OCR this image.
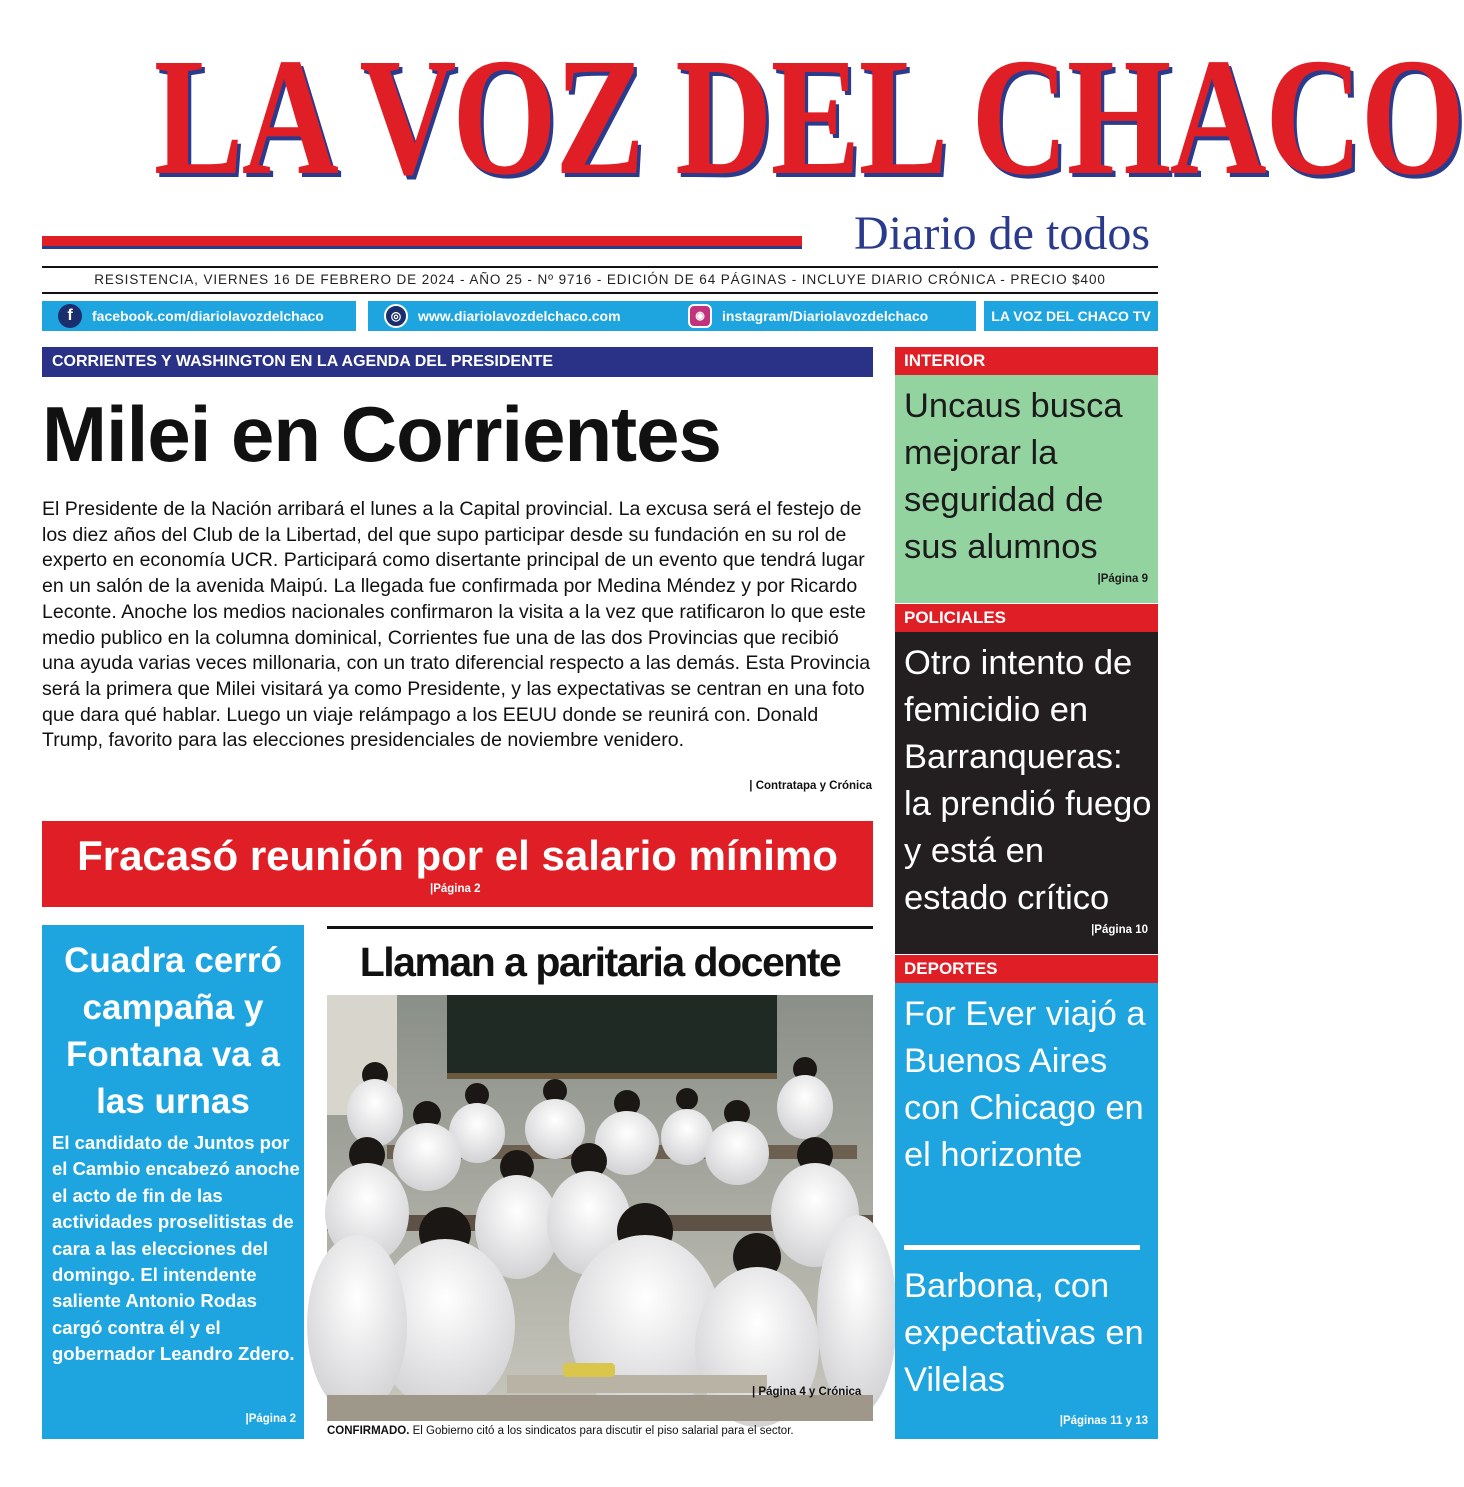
LA VOZ DEL CHACO
Diario de todos
RESISTENCIA, VIERNES 16 DE FEBRERO DE 2024 - AÑO 25 - Nº 9716 - EDICIÓN DE 64 PÁGINAS - INCLUYE DIARIO CRÓNICA - PRECIO $400
f	facebook.com/diariolavozdelchaco	◎	www.diariolavozdelchaco.com	◉	instagram/Diariolavozdelchaco	LA VOZ DEL CHACO TV
CORRIENTES Y WASHINGTON EN LA AGENDA DEL PRESIDENTE
Milei en Corrientes
El Presidente de la Nación arribará el lunes a la Capital provincial. La excusa será el festejo de los diez años del Club de la Libertad, del que supo participar desde su fundación en su rol de experto en economía UCR. Participará como disertante principal de un evento que tendrá lugar en un salón de la avenida Maipú. La llegada fue confirmada por Medina Méndez y por Ricardo Leconte. Anoche los medios nacionales confirmaron la visita a la vez que ratificaron lo que este medio publico en la columna dominical, Corrientes fue una de las dos Provincias que recibió una ayuda varias veces millonaria, con un trato diferencial respecto a las demás. Esta Provincia será la primera que Milei visitará ya como Presidente, y las expectativas se centran en una foto que dara qué hablar. Luego un viaje relámpago a los EEUU donde se reunirá con. Donald Trump, favorito para las elecciones presidenciales de noviembre venidero.
| Contratapa y Crónica
Fracasó reunión por el salario mínimo
|Página 2
Cuadra cerró campaña y Fontana va a las urnas
El candidato de Juntos por el Cambio encabezó anoche el acto de fin de las actividades proselitistas de cara a las elecciones del domingo. El intendente saliente Antonio Rodas cargó contra él y el gobernador Leandro Zdero.
|Página 2
Llaman a paritaria docente
| Página 4 y Crónica
CONFIRMADO. El Gobierno citó a los sindicatos para discutir el piso salarial para el sector.
INTERIOR
Uncaus busca mejorar la seguridad de sus alumnos
|Página 9
POLICIALES
Otro intento de femicidio en Barranqueras: la prendió fuego y está en estado crítico
|Página 10
DEPORTES
For Ever viajó a Buenos Aires con Chicago en el horizonte
Barbona, con expectativas en Vilelas
|Páginas 11 y 13
